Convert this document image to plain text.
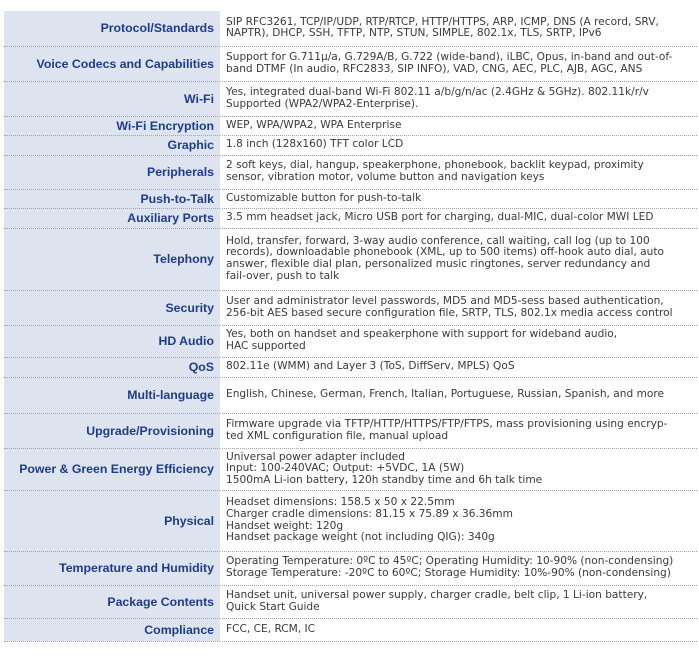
Protocol/Standards	SIP RFC3261, TCP/IP/UDP, RTP/RTCP, HTTP/HTTPS, ARP, ICMP, DNS (A record, SRV,
NAPTR), DHCP, SSH, TFTP, NTP, STUN, SIMPLE, 802.1x, TLS, SRTP, IPv6

Voice Codecs and Capabilities	Support for G.711µ/a, G.729A/B, G.722 (wide-band), iLBC, Opus, in-band and out-of-
band DTMF (In audio, RFC2833, SIP INFO), VAD, CNG, AEC, PLC, AJB, AGC, ANS

Wi-Fi	Yes, integrated dual-band Wi-Fi 802.11 a/b/g/n/ac (2.4GHz & 5GHz). 802.11k/r/v
Supported (WPA2/WPA2-Enterprise).

Wi-Fi Encryption	WEP, WPA/WPA2, WPA Enterprise

Graphic	1.8 inch (128x160) TFT color LCD

Peripherals	2 soft keys, dial, hangup, speakerphone, phonebook, backlit keypad, proximity
sensor, vibration motor, volume button and navigation keys

Push-to-Talk	Customizable button for push-to-talk

Auxiliary Ports	3.5 mm headset jack, Micro USB port for charging, dual-MIC, dual-color MWI LED

Telephony	Hold, transfer, forward, 3-way audio conference, call waiting, call log (up to 100
records), downloadable phonebook (XML, up to 500 items) off-hook auto dial, auto
answer, flexible dial plan, personalized music ringtones, server redundancy and
fail-over, push to talk

Security	User and administrator level passwords, MD5 and MD5-sess based authentication,
256-bit AES based secure configuration file, SRTP, TLS, 802.1x media access control

HD Audio	Yes, both on handset and speakerphone with support for wideband audio,
HAC supported

QoS	802.11e (WMM) and Layer 3 (ToS, DiffServ, MPLS) QoS

Multi-language	English, Chinese, German, French, Italian, Portuguese, Russian, Spanish, and more

Upgrade/Provisioning	Firmware upgrade via TFTP/HTTP/HTTPS/FTP/FTPS, mass provisioning using encryp-
ted XML configuration file, manual upload

Power & Green Energy Efficiency	Universal power adapter included
Input: 100-240VAC; Output: +5VDC, 1A (5W)
1500mA Li-ion battery, 120h standby time and 6h talk time

Physical	Headset dimensions: 158.5 x 50 x 22.5mm
Charger cradle dimensions: 81.15 x 75.89 x 36.36mm
Handset weight: 120g
Handset package weight (not including QIG): 340g

Temperature and Humidity	Operating Temperature: 0ºC to 45ºC; Operating Humidity: 10-90% (non-condensing)
Storage Temperature: -20ºC to 60ºC; Storage Humidity: 10%-90% (non-condensing)

Package Contents	Handset unit, universal power supply, charger cradle, belt clip, 1 Li-ion battery,
Quick Start Guide

Compliance	FCC, CE, RCM, IC
